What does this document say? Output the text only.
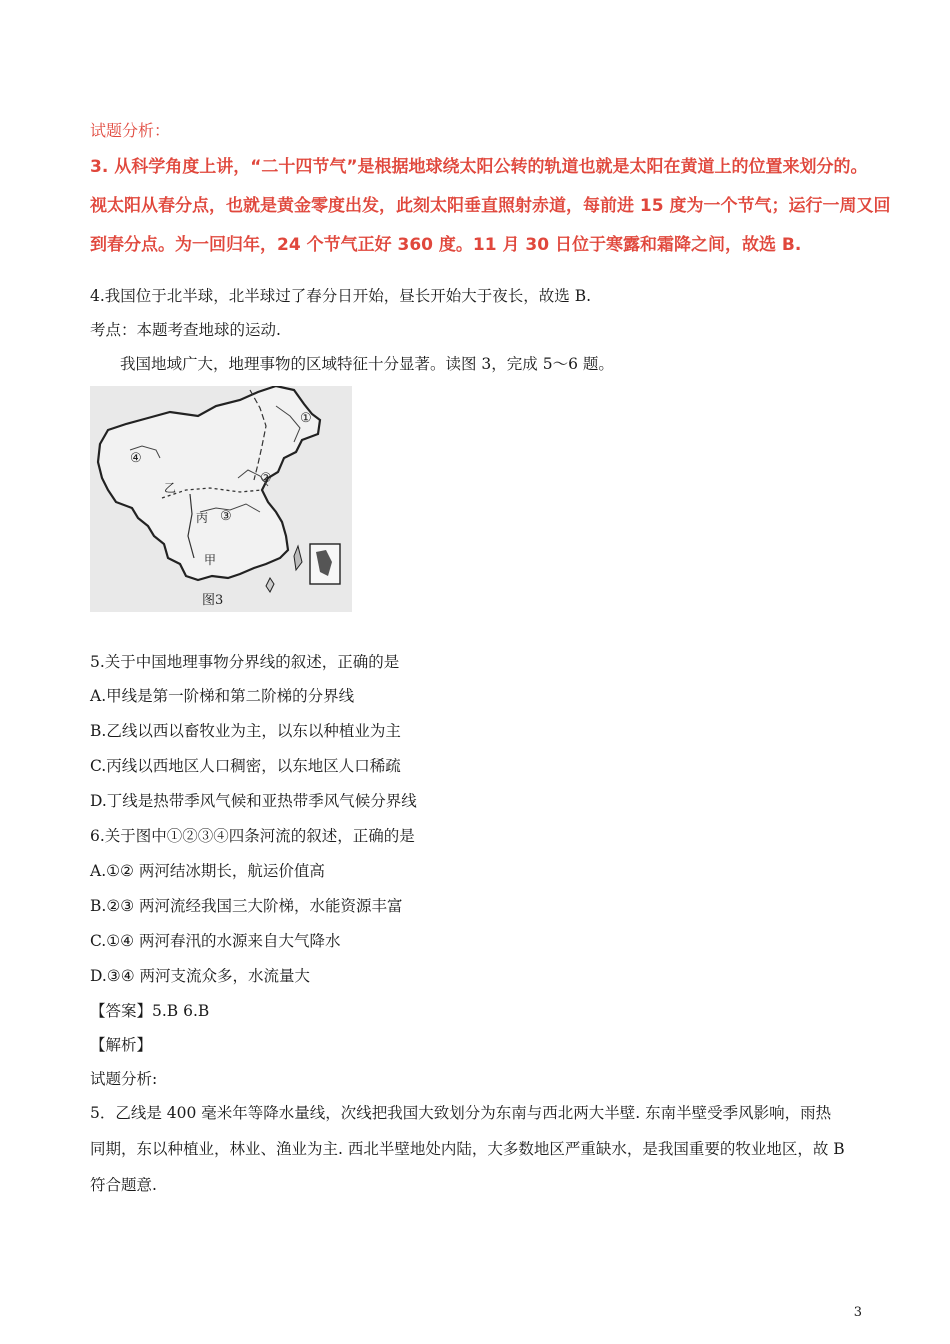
试题分析：
3. 从科学角度上讲，“二十四节气”是根据地球绕太阳公转的轨道也就是太阳在黄道上的位置来划分的。
视太阳从春分点，也就是黄金零度出发，此刻太阳垂直照射赤道，每前进 15 度为一个节气；运行一周又回
到春分点。为一回归年，24 个节气正好 360 度。11 月 30 日位于寒露和霜降之间，故选 B.
4.我国位于北半球，北半球过了春分日开始，昼长开始大于夜长，故选 B.
考点：本题考查地球的运动.
我国地域广大，地理事物的区域特征十分显著。读图 3，完成 5～6 题。
①
②
③
④
甲
乙
丙
图3
5.关于中国地理事物分界线的叙述，正确的是
A.甲线是第一阶梯和第二阶梯的分界线
B.乙线以西以畜牧业为主，以东以种植业为主
C.丙线以西地区人口稠密，以东地区人口稀疏
D.丁线是热带季风气候和亚热带季风气候分界线
6.关于图中①②③④四条河流的叙述，正确的是
A.①② 两河结冰期长，航运价值高
B.②③ 两河流经我国三大阶梯，水能资源丰富
C.①④ 两河春汛的水源来自大气降水
D.③④ 两河支流众多，水流量大
【答案】5.B 6.B
【解析】
试题分析:
5．乙线是 400 毫米年等降水量线，次线把我国大致划分为东南与西北两大半壁. 东南半壁受季风影响，雨热
同期，东以种植业，林业、渔业为主. 西北半壁地处内陆，大多数地区严重缺水，是我国重要的牧业地区，故 B
符合题意.
3
